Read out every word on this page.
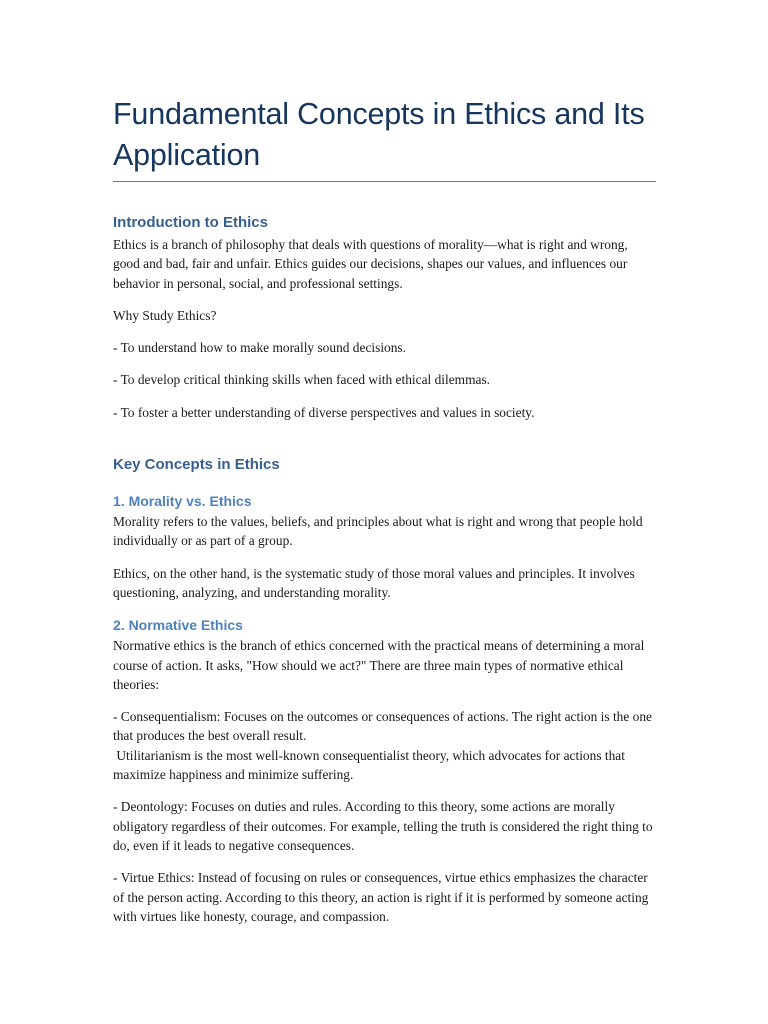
Fundamental Concepts in Ethics and Its Application
Introduction to Ethics

Ethics is a branch of philosophy that deals with questions of morality—what is right and wrong, good and bad, fair and unfair. Ethics guides our decisions, shapes our values, and influences our behavior in personal, social, and professional settings.

Why Study Ethics?

- To understand how to make morally sound decisions.

- To develop critical thinking skills when faced with ethical dilemmas.

- To foster a better understanding of diverse perspectives and values in society.

Key Concepts in Ethics
1. Morality vs. Ethics

Morality refers to the values, beliefs, and principles about what is right and wrong that people hold individually or as part of a group.

Ethics, on the other hand, is the systematic study of those moral values and principles. It involves questioning, analyzing, and understanding morality.

2. Normative Ethics

Normative ethics is the branch of ethics concerned with the practical means of determining a moral course of action. It asks, "How should we act?" There are three main types of normative ethical theories:

- Consequentialism: Focuses on the outcomes or consequences of actions. The right action is the one that produces the best overall result.

Utilitarianism is the most well-known consequentialist theory, which advocates for actions that maximize happiness and minimize suffering.

- Deontology: Focuses on duties and rules. According to this theory, some actions are morally obligatory regardless of their outcomes. For example, telling the truth is considered the right thing to do, even if it leads to negative consequences.

- Virtue Ethics: Instead of focusing on rules or consequences, virtue ethics emphasizes the character of the person acting. According to this theory, an action is right if it is performed by someone acting with virtues like honesty, courage, and compassion.
